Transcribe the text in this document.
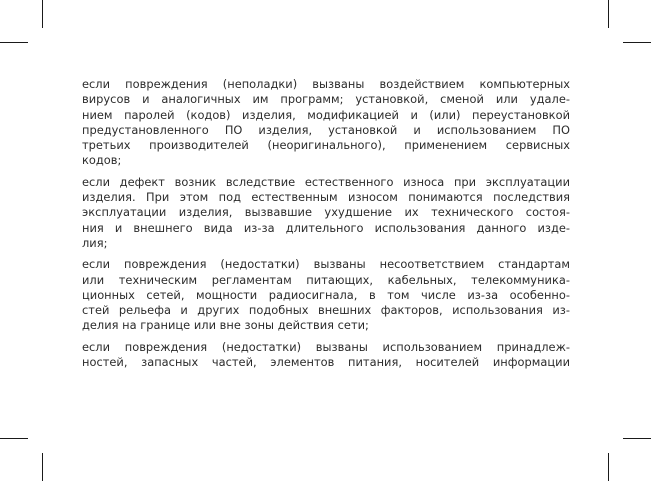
если повреждения (неполадки) вызваны воздействием компьютерных
вирусов и аналогичных им программ; установкой, сменой или удале-
нием паролей (кодов) изделия, модификацией и (или) переустановкой
предустановленного ПО изделия, установкой и использованием ПО
третьих производителей (неоригинального), применением сервисных
кодов;

если дефект возник вследствие естественного износа при эксплуатации
изделия. При этом под естественным износом понимаются последствия
эксплуатации изделия, вызвавшие ухудшение их технического состоя-
ния и внешнего вида из-за длительного использования данного изде-
лия;

если повреждения (недостатки) вызваны несоответствием стандартам
или техническим регламентам питающих, кабельных, телекоммуника-
ционных сетей, мощности радиосигнала, в том числе из-за особенно-
стей рельефа и других подобных внешних факторов, использования из-
делия на границе или вне зоны действия сети;

если повреждения (недостатки) вызваны использованием принадлеж-
ностей, запасных частей, элементов питания, носителей информации
